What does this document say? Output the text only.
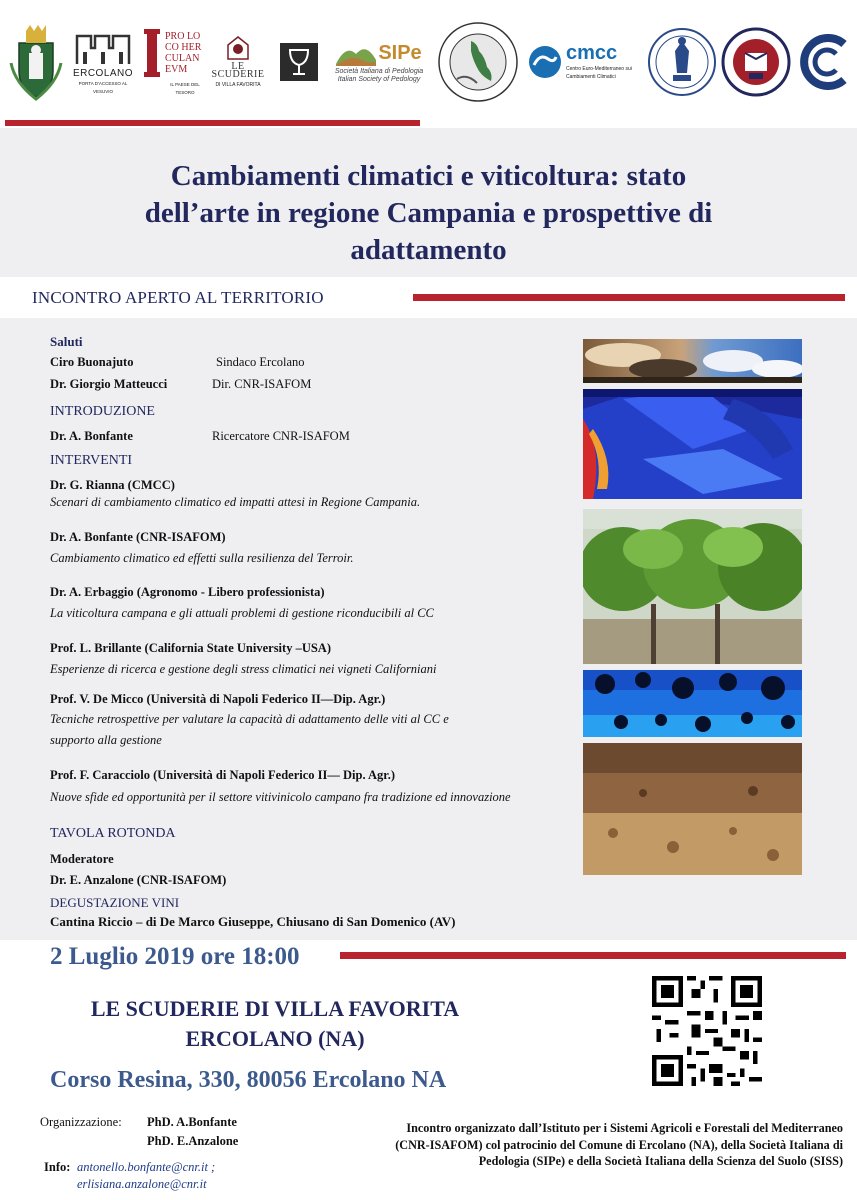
ERCOLANO
PORTA D'ACCESSO AL VESUVIO
PRO LOCO HERCULANEVM
IL PAESE DEL TESORO
LE SCUDERIE
DI VILLA FAVORITA
SIPe
Società Italiana di Pedologia
Italian Society of Pedology
cmcc
Centro Euro-Mediterraneo sui Cambiamenti Climatici
Cambiamenti climatici e viticoltura: stato
dell’arte in regione Campania e prospettive di
adattamento
INCONTRO APERTO AL TERRITORIO
Saluti
Ciro Buonajuto	Sindaco Ercolano
Dr. Giorgio Matteucci	Dir. CNR-ISAFOM
INTRODUZIONE
Dr. A. Bonfante	Ricercatore CNR-ISAFOM
INTERVENTI
Dr. G. Rianna (CMCC)
Scenari di cambiamento climatico ed impatti attesi in Regione Campania.
Dr. A. Bonfante (CNR-ISAFOM)
Cambiamento climatico ed effetti sulla resilienza del Terroir.
Dr. A. Erbaggio (Agronomo - Libero professionista)
La viticoltura campana e gli attuali problemi di gestione riconducibili al CC
Prof. L. Brillante (California State University –USA)
Esperienze di ricerca e gestione degli stress climatici nei vigneti Californiani
Prof. V. De Micco (Università di Napoli Federico II—Dip. Agr.)
Tecniche retrospettive per valutare la capacità di adattamento delle viti al CC e
supporto alla gestione
Prof. F. Caracciolo (Università di Napoli Federico II— Dip. Agr.)
Nuove sfide ed opportunità per il settore vitivinicolo campano fra tradizione ed innovazione
TAVOLA ROTONDA
Moderatore
Dr. E. Anzalone (CNR-ISAFOM)
DEGUSTAZIONE VINI
Cantina Riccio – di De Marco Giuseppe, Chiusano di San Domenico (AV)
2 Luglio 2019 ore 18:00
LE SCUDERIE DI VILLA FAVORITA
ERCOLANO (NA)
Corso Resina, 330, 80056 Ercolano NA
Organizzazione: PhD. A.Bonfante
PhD. E.Anzalone
Info: antonello.bonfante@cnr.it ;
erlisiana.anzalone@cnr.it
Incontro organizzato dall’Istituto per i Sistemi Agricoli e Forestali del Mediterraneo
(CNR-ISAFOM) col patrocinio del Comune di Ercolano (NA), della Società Italiana di
Pedologia (SIPe) e della Società Italiana della Scienza del Suolo (SISS)
